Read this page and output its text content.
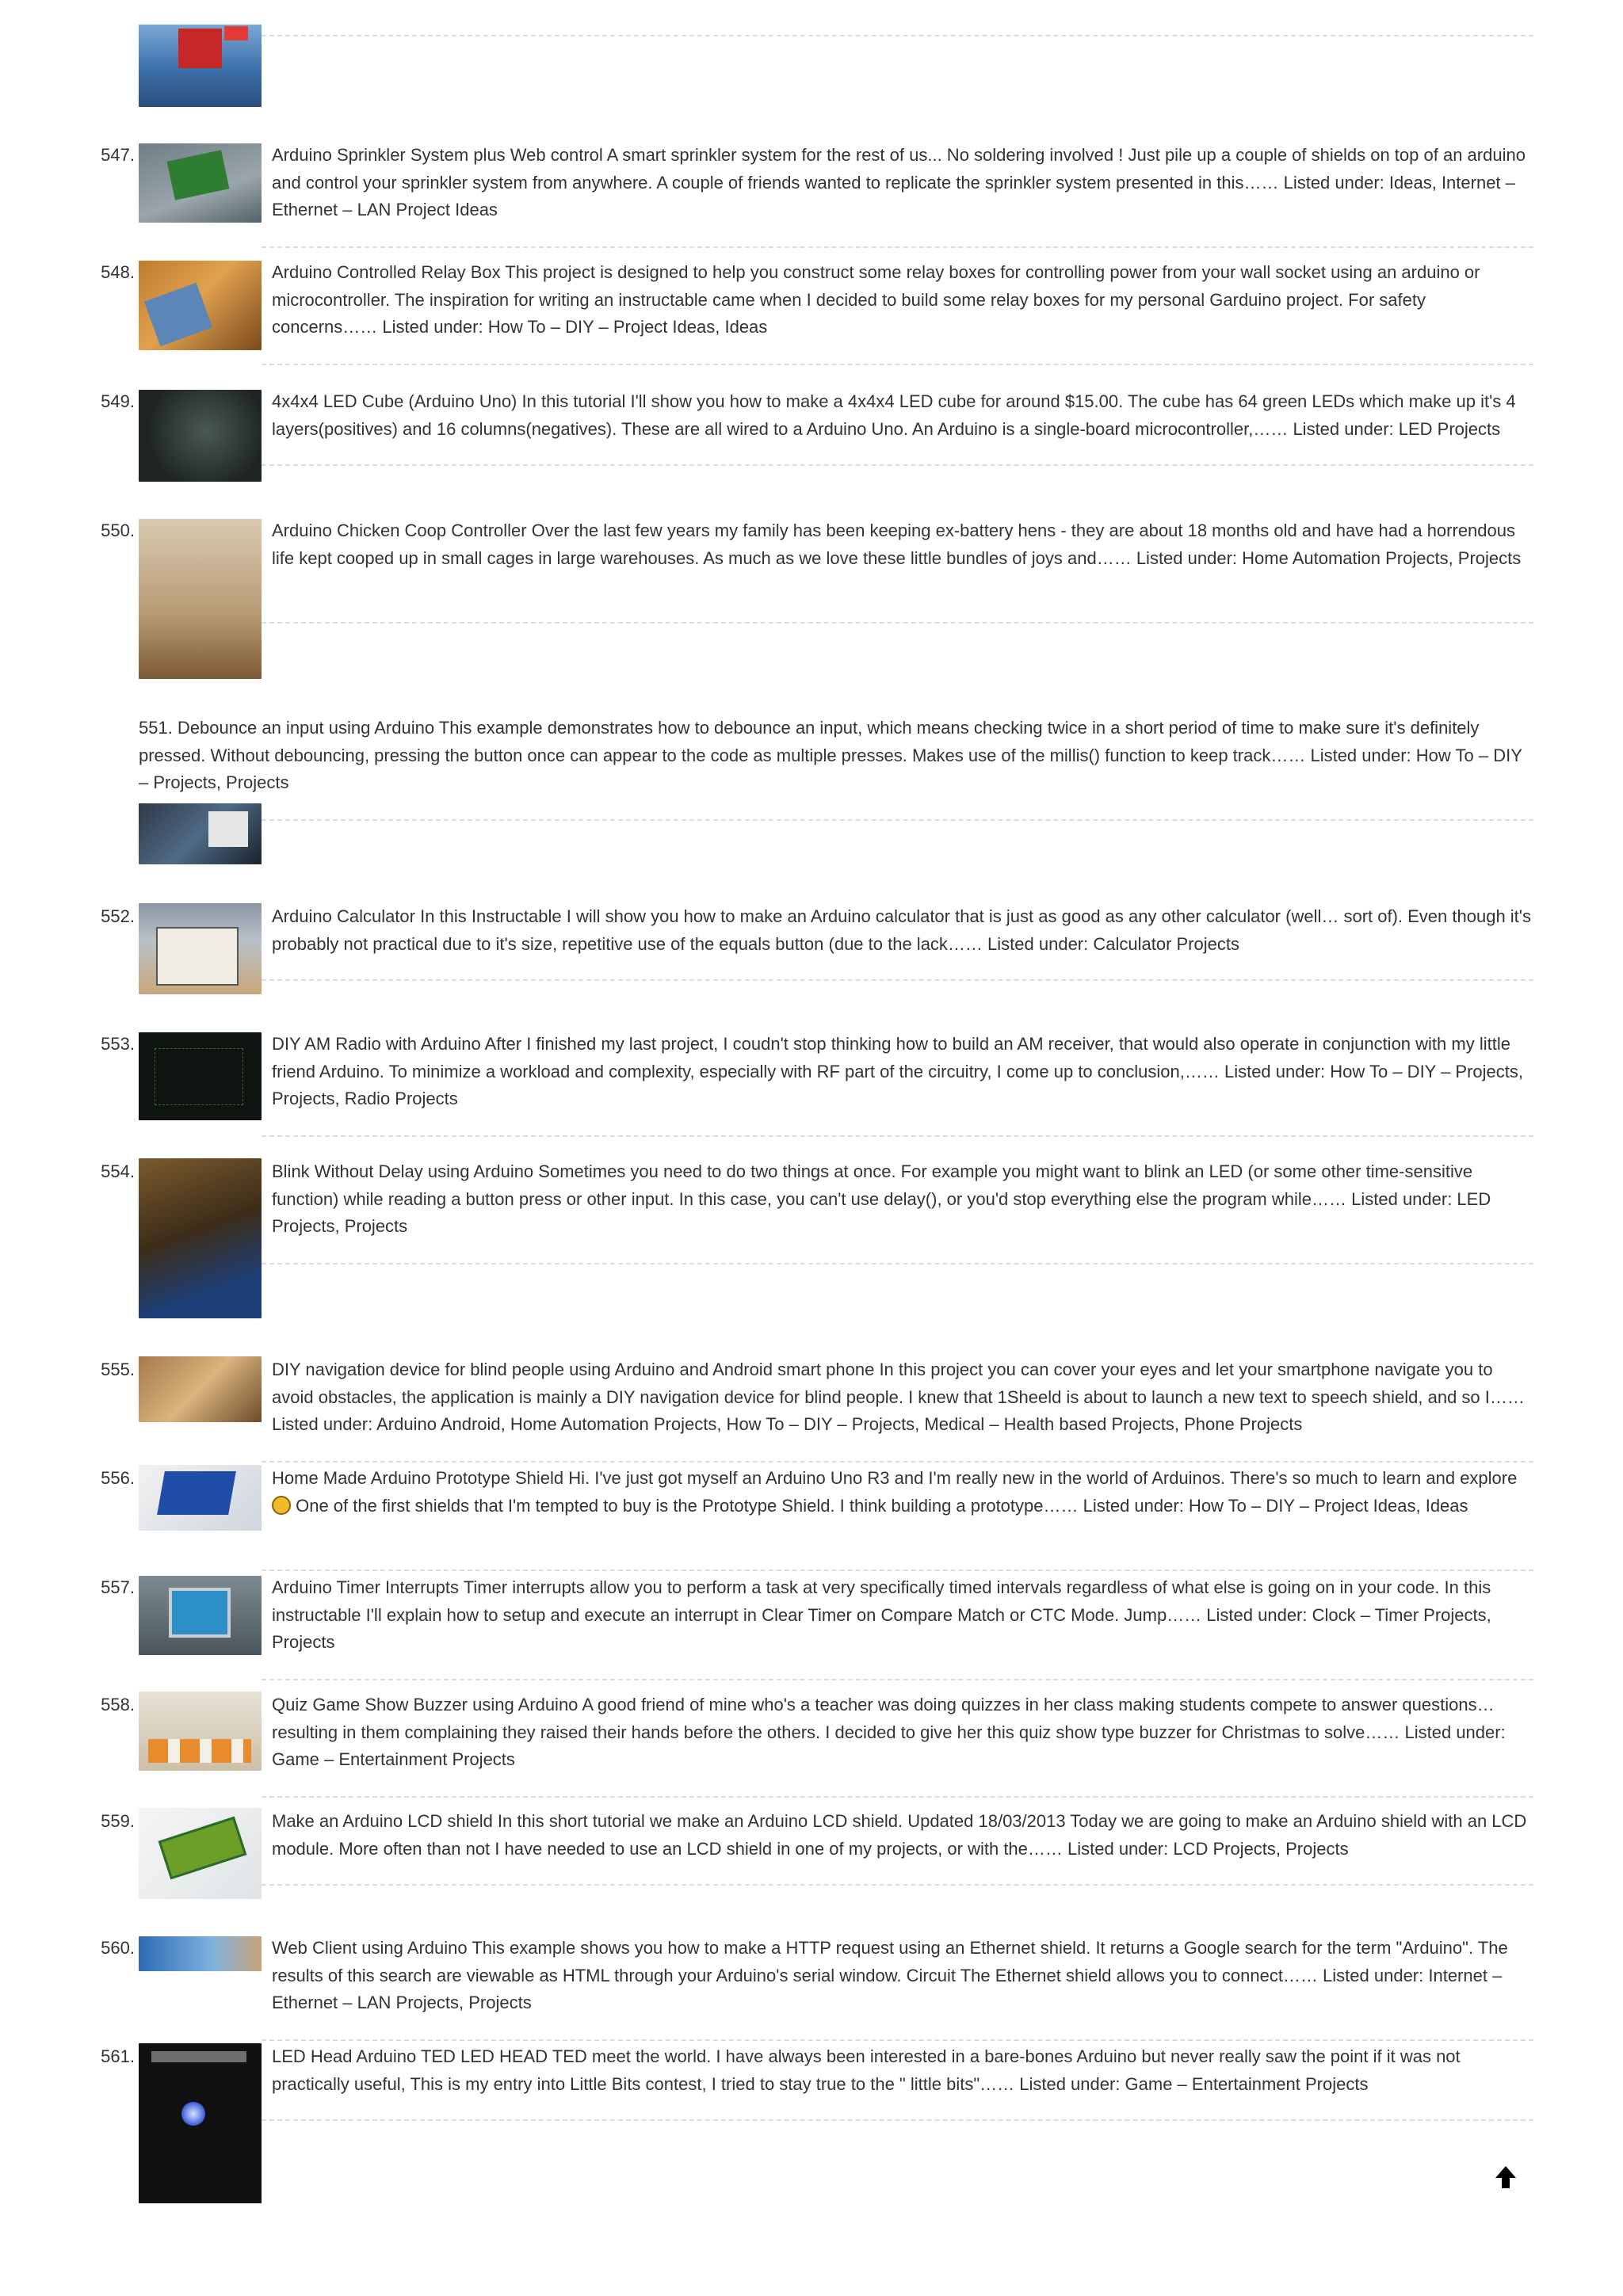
547.	Arduino Sprinkler System plus Web control A smart sprinkler system for the rest of us... No soldering involved ! Just pile up a couple of shields on top of an arduino and control your sprinkler system from anywhere. A couple of friends wanted to replicate the sprinkler system presented in this…… Listed under: Ideas, Internet – Ethernet – LAN Project Ideas
548.	Arduino Controlled Relay Box This project is designed to help you construct some relay boxes for controlling power from your wall socket using an arduino or microcontroller. The inspiration for writing an instructable came when I decided to build some relay boxes for my personal Garduino project. For safety concerns…… Listed under: How To – DIY – Project Ideas, Ideas
549.	4x4x4 LED Cube (Arduino Uno) In this tutorial I'll show you how to make a 4x4x4 LED cube for around $15.00. The cube has 64 green LEDs which make up it's 4 layers(positives) and 16 columns(negatives). These are all wired to a Arduino Uno. An Arduino is a single-board microcontroller,…… Listed under: LED Projects
550.	Arduino Chicken Coop Controller Over the last few years my family has been keeping ex-battery hens - they are about 18 months old and have had a horrendous life kept cooped up in small cages in large warehouses. As much as we love these little bundles of joys and…… Listed under: Home Automation Projects, Projects
551. Debounce an input using Arduino This example demonstrates how to debounce an input, which means checking twice in a short period of time to make sure it's definitely pressed. Without debouncing, pressing the button once can appear to the code as multiple presses. Makes use of the millis() function to keep track…… Listed under: How To – DIY – Projects, Projects
552.	Arduino Calculator In this Instructable I will show you how to make an Arduino calculator that is just as good as any other calculator (well… sort of). Even though it's probably not practical due to it's size, repetitive use of the equals button (due to the lack…… Listed under: Calculator Projects
553.	DIY AM Radio with Arduino After I finished my last project, I coudn't stop thinking how to build an AM receiver, that would also operate in conjunction with my little friend Arduino. To minimize a workload and complexity, especially with RF part of the circuitry, I come up to conclusion,…… Listed under: How To – DIY – Projects, Projects, Radio Projects
554.	Blink Without Delay using Arduino Sometimes you need to do two things at once. For example you might want to blink an LED (or some other time-sensitive function) while reading a button press or other input. In this case, you can't use delay(), or you'd stop everything else the program while…… Listed under: LED Projects, Projects
555.	DIY navigation device for blind people using Arduino and Android smart phone In this project you can cover your eyes and let your smartphone navigate you to avoid obstacles, the application is mainly a DIY navigation device for blind people. I knew that 1Sheeld is about to launch a new text to speech shield, and so I…… Listed under: Arduino Android, Home Automation Projects, How To – DIY – Projects, Medical – Health based Projects, Phone Projects
556.	Home Made Arduino Prototype Shield Hi. I've just got myself an Arduino Uno R3 and I'm really new in the world of Arduinos. There's so much to learn and explore  One of the first shields that I'm tempted to buy is the Prototype Shield. I think building a prototype…… Listed under: How To – DIY – Project Ideas, Ideas
557.	Arduino Timer Interrupts Timer interrupts allow you to perform a task at very specifically timed intervals regardless of what else is going on in your code. In this instructable I'll explain how to setup and execute an interrupt in Clear Timer on Compare Match or CTC Mode. Jump…… Listed under: Clock – Timer Projects, Projects
558.	Quiz Game Show Buzzer using Arduino A good friend of mine who's a teacher was doing quizzes in her class making students compete to answer questions… resulting in them complaining they raised their hands before the others. I decided to give her this quiz show type buzzer for Christmas to solve…… Listed under: Game – Entertainment Projects
559.	Make an Arduino LCD shield In this short tutorial we make an Arduino LCD shield. Updated 18/03/2013 Today we are going to make an Arduino shield with an LCD module. More often than not I have needed to use an LCD shield in one of my projects, or with the…… Listed under: LCD Projects, Projects
560.	Web Client using Arduino This example shows you how to make a HTTP request using an Ethernet shield. It returns a Google search for the term "Arduino". The results of this search are viewable as HTML through your Arduino's serial window. Circuit The Ethernet shield allows you to connect…… Listed under: Internet – Ethernet – LAN Projects, Projects
561.	LED Head Arduino TED LED HEAD TED meet the world. I have always been interested in a bare-bones Arduino but never really saw the point if it was not practically useful, This is my entry into Little Bits contest, I tried to stay true to the " little bits"…… Listed under: Game – Entertainment Projects
